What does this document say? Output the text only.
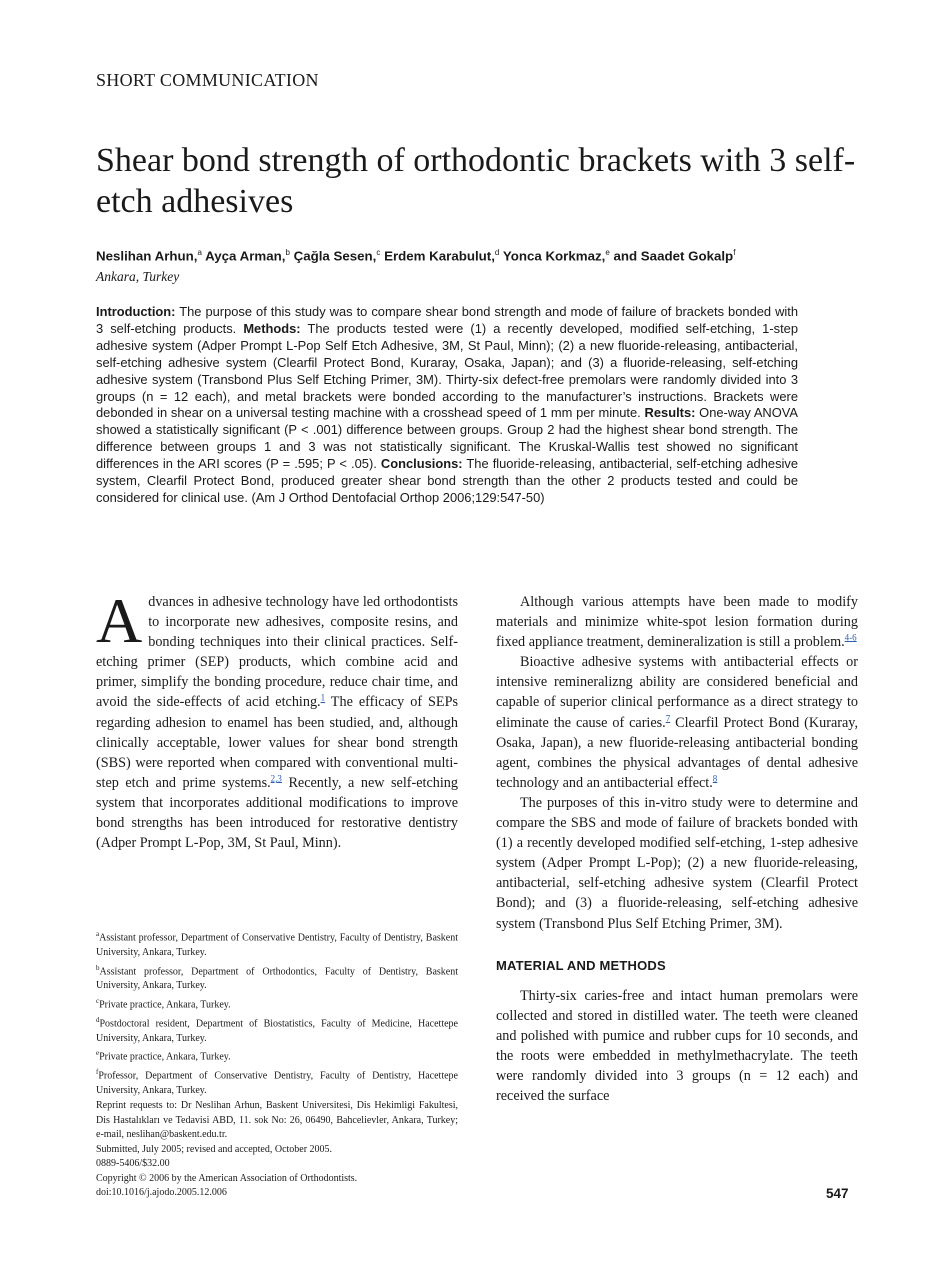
SHORT COMMUNICATION
Shear bond strength of orthodontic brackets with 3 self-etch adhesives
Neslihan Arhun,$^a$ Ayça Arman,$^b$ Çağla Sesen,$^c$ Erdem Karabulut,$^d$ Yonca Korkmaz,$^e$ and Saadet Gokalp$^f$
Ankara, Turkey
Introduction: The purpose of this study was to compare shear bond strength and mode of failure of brackets bonded with 3 self-etching products. Methods: The products tested were (1) a recently developed, modified self-etching, 1-step adhesive system (Adper Prompt L-Pop Self Etch Adhesive, 3M, St Paul, Minn); (2) a new fluoride-releasing, antibacterial, self-etching adhesive system (Clearfil Protect Bond, Kuraray, Osaka, Japan); and (3) a fluoride-releasing, self-etching adhesive system (Transbond Plus Self Etching Primer, 3M). Thirty-six defect-free premolars were randomly divided into 3 groups (n = 12 each), and metal brackets were bonded according to the manufacturer’s instructions. Brackets were debonded in shear on a universal testing machine with a crosshead speed of 1 mm per minute. Results: One-way ANOVA showed a statistically significant (P < .001) difference between groups. Group 2 had the highest shear bond strength. The difference between groups 1 and 3 was not statistically significant. The Kruskal-Wallis test showed no significant differences in the ARI scores (P = .595; P < .05). Conclusions: The fluoride-releasing, antibacterial, self-etching adhesive system, Clearfil Protect Bond, produced greater shear bond strength than the other 2 products tested and could be considered for clinical use. (Am J Orthod Dentofacial Orthop 2006;129:547-50)

Advances in adhesive technology have led orthodontists to incorporate new adhesives, composite resins, and bonding techniques into their clinical practices. Self-etching primer (SEP) products, which combine acid and primer, simplify the bonding procedure, reduce chair time, and avoid the side-effects of acid etching.$^1$ The efficacy of SEPs regarding adhesion to enamel has been studied, and, although clinically acceptable, lower values for shear bond strength (SBS) were reported when compared with conventional multi-step etch and prime systems.$^{2,3}$ Recently, a new self-etching system that incorporates additional modifications to improve bond strengths has been introduced for restorative dentistry (Adper Prompt L-Pop, 3M, St Paul, Minn).

$^a$Assistant professor, Department of Conservative Dentistry, Faculty of Dentistry, Baskent University, Ankara, Turkey.
$^b$Assistant professor, Department of Orthodontics, Faculty of Dentistry, Baskent University, Ankara, Turkey.
$^c$Private practice, Ankara, Turkey.
$^d$Postdoctoral resident, Department of Biostatistics, Faculty of Medicine, Hacettepe University, Ankara, Turkey.
$^e$Private practice, Ankara, Turkey.
$^f$Professor, Department of Conservative Dentistry, Faculty of Dentistry, Hacettepe University, Ankara, Turkey.
Reprint requests to: Dr Neslihan Arhun, Baskent Universitesi, Dis Hekimligi Fakultesi, Dis Hastalıkları ve Tedavisi ABD, 11. sok No: 26, 06490, Bahcelievler, Ankara, Turkey; e-mail, neslihan@baskent.edu.tr.
Submitted, July 2005; revised and accepted, October 2005.
0889-5406/$32.00
Copyright © 2006 by the American Association of Orthodontists.
doi:10.1016/j.ajodo.2005.12.006

Although various attempts have been made to modify materials and minimize white-spot lesion formation during fixed appliance treatment, demineralization is still a problem.$^{4-6}$

Bioactive adhesive systems with antibacterial effects or intensive remineralizng ability are considered beneficial and capable of superior clinical performance as a direct strategy to eliminate the cause of caries.$^7$ Clearfil Protect Bond (Kuraray, Osaka, Japan), a new fluoride-releasing antibacterial bonding agent, combines the physical advantages of dental adhesive technology and an antibacterial effect.$^8$

The purposes of this in-vitro study were to determine and compare the SBS and mode of failure of brackets bonded with (1) a recently developed modified self-etching, 1-step adhesive system (Adper Prompt L-Pop); (2) a new fluoride-releasing, antibacterial, self-etching adhesive system (Clearfil Protect Bond); and (3) a fluoride-releasing, self-etching adhesive system (Transbond Plus Self Etching Primer, 3M).

MATERIAL AND METHODS

Thirty-six caries-free and intact human premolars were collected and stored in distilled water. The teeth were cleaned and polished with pumice and rubber cups for 10 seconds, and the roots were embedded in methylmethacrylate. The teeth were randomly divided into 3 groups (n = 12 each) and received the surface

547
